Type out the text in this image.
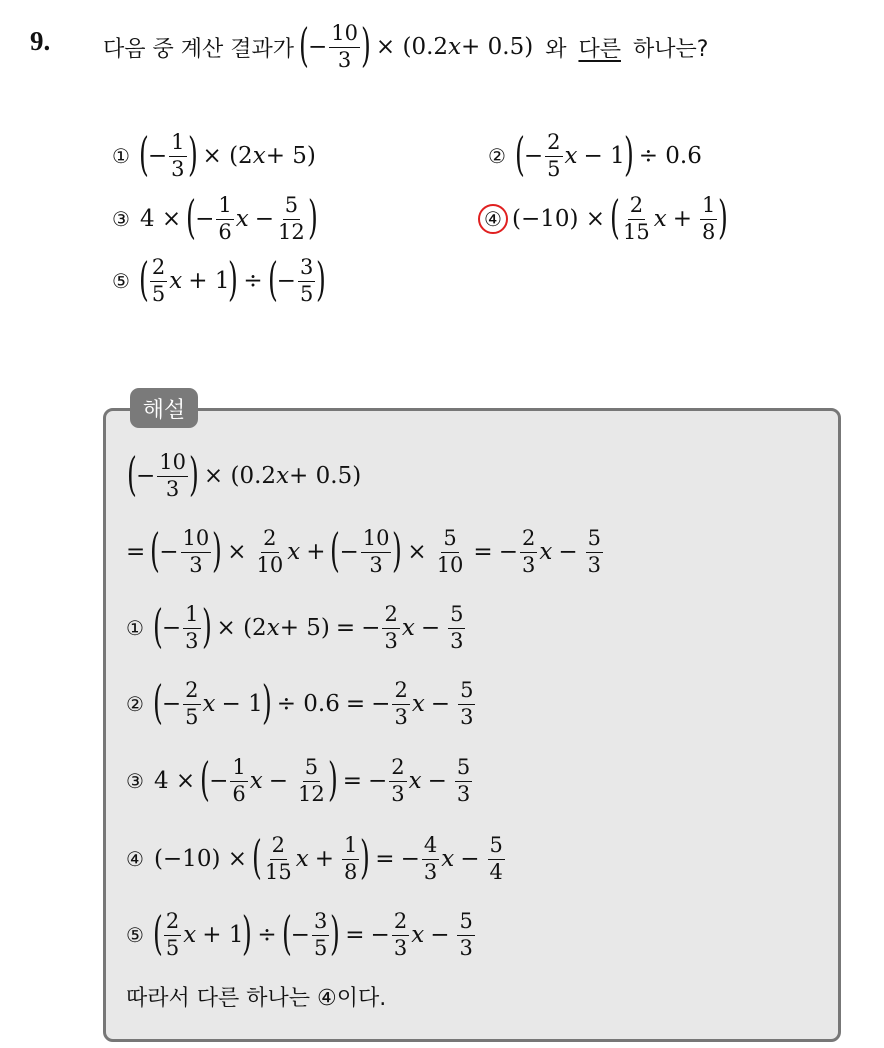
9. 다음 중 계산 결과가 ( − $\frac{10}{3}$ ) × (0.2 x + 0.5) 와 다른 하나는?
① ( − $\frac{1}{3}$ ) × (2 x + 5)	② ( − $\frac{2}{5}$ x − 1 ) ÷ 0.6
③ 4 × ( − $\frac{1}{6}$ $x - \frac{5}{12}$ )	④ (−10) × ( $\frac{2}{15}$ $x + \frac{1}{8}$ )
⑤ ( $\frac{2}{5}$ x + 1 ) ÷ ( − $\frac{3}{5}$ )
해설
( − $\frac{10}{3}$ ) × (0.2 x + 0.5)
= ( − $\frac{10}{3}$ ) × $\frac{2}{10}$ x + ( − $\frac{10}{3}$ ) × $\frac{5}{10}$ = − $\frac{2}{3}$ $x - \frac{5}{3}$
① ( − $\frac{1}{3}$ ) × (2 x + 5) = − $\frac{2}{3}$ $x - \frac{5}{3}$
② ( − $\frac{2}{5}$ x − 1 ) ÷ 0.6 = − $\frac{2}{3}$ $x - \frac{5}{3}$
③ 4 × ( − $\frac{1}{6}$ $x - \frac{5}{12}$ ) = − $\frac{2}{3}$ $x - \frac{5}{3}$
④ (−10) × ( $\frac{2}{15}$ $x + \frac{1}{8}$ ) = − $\frac{4}{3}$ $x - \frac{5}{4}$
⑤ ( $\frac{2}{5}$ x + 1 ) ÷ ( − $\frac{3}{5}$ ) = − $\frac{2}{3}$ $x - \frac{5}{3}$
따라서 다른 하나는 ④이다.
